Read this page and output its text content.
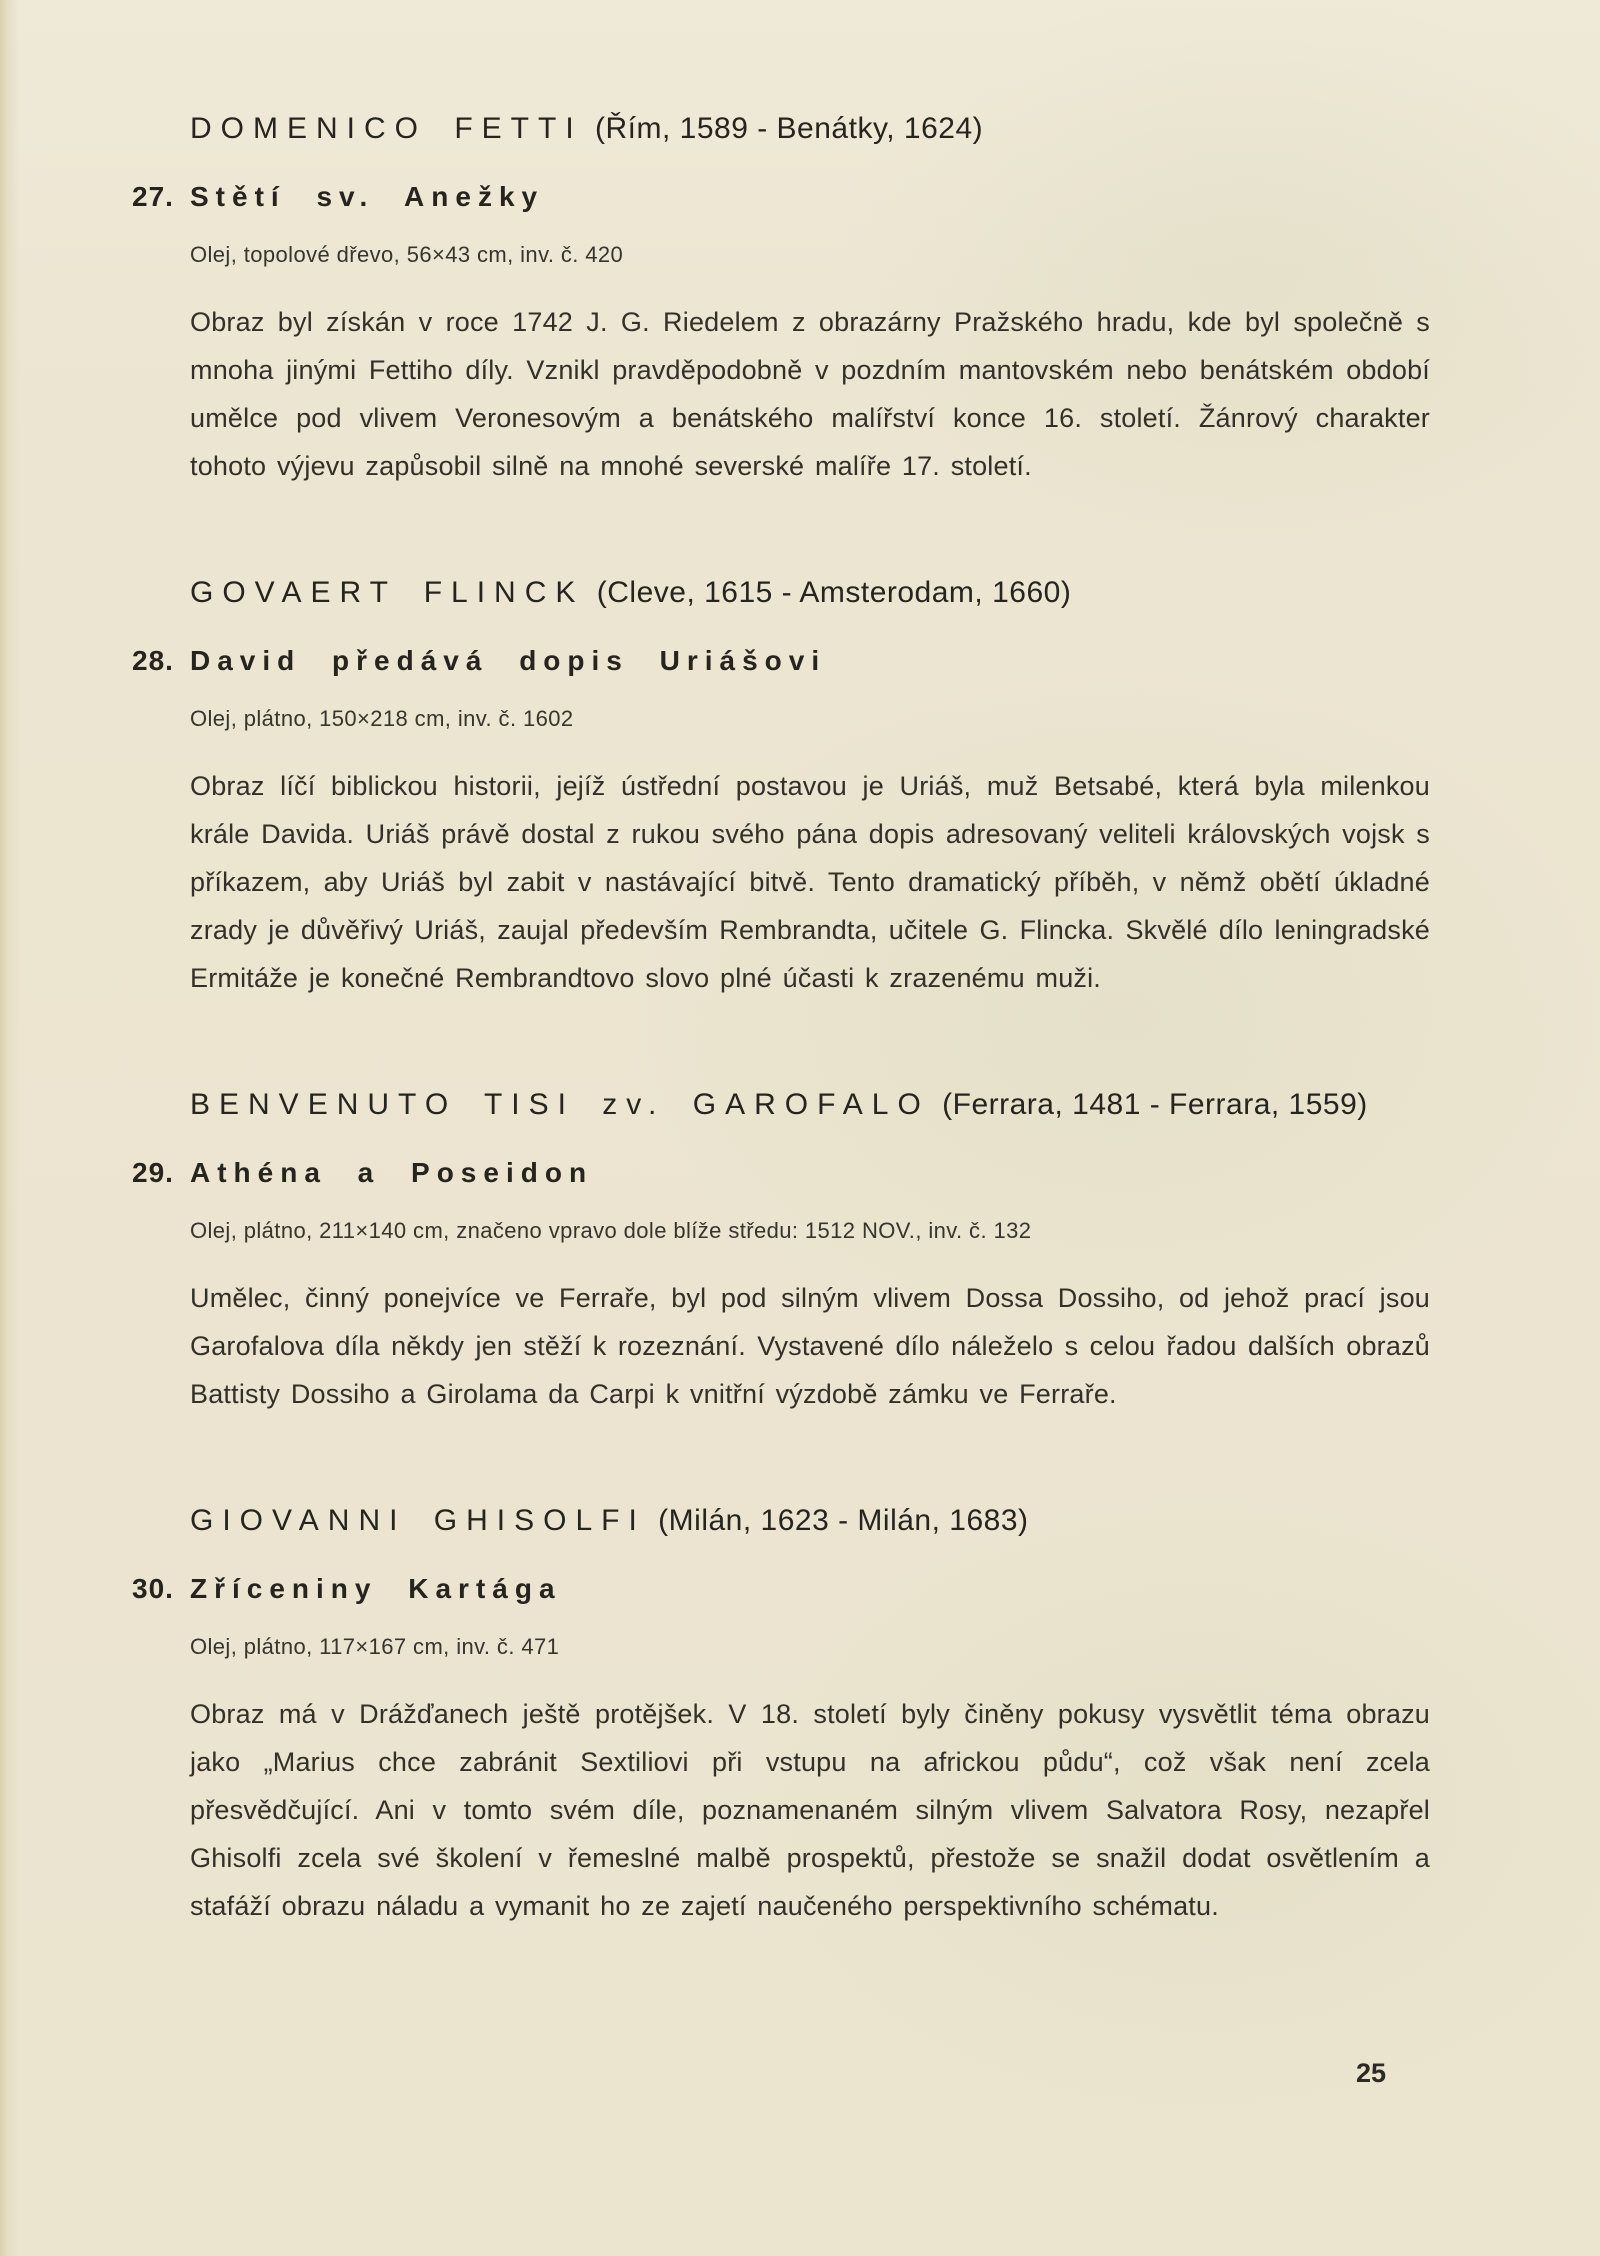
DOMENICO FETTI (Řím, 1589 - Benátky, 1624)
27. Stětí sv. Anežky
Olej, topolové dřevo, 56×43 cm, inv. č. 420

Obraz byl získán v roce 1742 J. G. Riedelem z obrazárny Pražského hradu, kde byl společně s mnoha jinými Fettiho díly. Vznikl pravděpodobně v pozdním mantovském nebo benátském období umělce pod vlivem Veronesovým a benátského malířství konce 16. století. Žánrový charakter tohoto výjevu zapůsobil silně na mnohé severské malíře 17. století.

GOVAERT FLINCK (Cleve, 1615 - Amsterodam, 1660)
28. David předává dopis Uriášovi
Olej, plátno, 150×218 cm, inv. č. 1602

Obraz líčí biblickou historii, jejíž ústřední postavou je Uriáš, muž Betsabé, která byla milenkou krále Davida. Uriáš právě dostal z rukou svého pána dopis adresovaný veliteli královských vojsk s příkazem, aby Uriáš byl zabit v nastávající bitvě. Tento dramatický příběh, v němž obětí úkladné zrady je důvěřivý Uriáš, zaujal především Rembrandta, učitele G. Flincka. Skvělé dílo leningradské Ermitáže je konečné Rembrandtovo slovo plné účasti k zrazenému muži.

BENVENUTO TISI zv. GAROFALO (Ferrara, 1481 - Ferrara, 1559)
29. Athéna a Poseidon
Olej, plátno, 211×140 cm, značeno vpravo dole blíže středu: 1512 NOV., inv. č. 132

Umělec, činný ponejvíce ve Ferraře, byl pod silným vlivem Dossa Dossiho, od jehož prací jsou Garofalova díla někdy jen stěží k rozeznání. Vystavené dílo náleželo s celou řadou dalších obrazů Battisty Dossiho a Girolama da Carpi k vnitřní výzdobě zámku ve Ferraře.

GIOVANNI GHISOLFI (Milán, 1623 - Milán, 1683)
30. Zříceniny Kartága
Olej, plátno, 117×167 cm, inv. č. 471

Obraz má v Drážďanech ještě protějšek. V 18. století byly činěny pokusy vysvětlit téma obrazu jako „Marius chce zabránit Sextiliovi při vstupu na africkou půdu“, což však není zcela přesvědčující. Ani v tomto svém díle, poznamenaném silným vlivem Salvatora Rosy, nezapřel Ghisolfi zcela své školení v řemeslné malbě prospektů, přestože se snažil dodat osvětlením a stafáží obrazu náladu a vymanit ho ze zajetí naučeného perspektivního schématu.

25
